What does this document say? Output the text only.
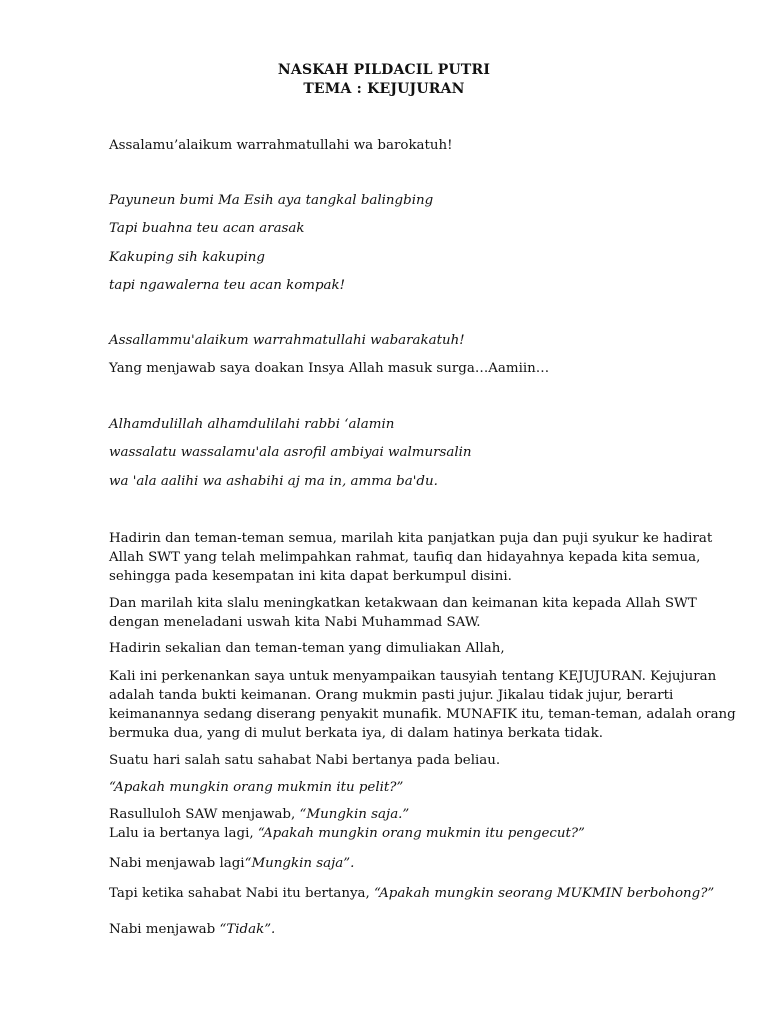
NASKAH PILDACIL PUTRI
TEMA : KEJUJURAN
Assalamu’alaikum warrahmatullahi wa barokatuh!
Payuneun bumi Ma Esih aya tangkal balingbing
Tapi buahna teu acan arasak
Kakuping sih kakuping
tapi ngawalerna teu acan kompak!
Assallammu'alaikum warrahmatullahi wabarakatuh!
Yang menjawab saya doakan Insya Allah masuk surga…Aamiin…
Alhamdulillah alhamdulilahi rabbi ‘alamin
wassalatu wassalamu'ala asrofil ambiyai walmursalin
wa 'ala aalihi wa ashabihi aj ma in, amma ba'du.
Hadirin dan teman-teman semua, marilah kita panjatkan puja dan puji syukur ke hadirat
Allah SWT yang telah melimpahkan rahmat, taufiq dan hidayahnya kepada kita semua,
sehingga pada kesempatan ini kita dapat berkumpul disini.
Dan marilah kita slalu meningkatkan ketakwaan dan keimanan kita kepada Allah SWT
dengan meneladani uswah kita Nabi Muhammad SAW.
Hadirin sekalian dan teman-teman yang dimuliakan Allah,
Kali ini perkenankan saya untuk menyampaikan tausyiah tentang KEJUJURAN. Kejujuran
adalah tanda bukti keimanan. Orang mukmin pasti jujur. Jikalau tidak jujur, berarti
keimanannya sedang diserang penyakit munafik. MUNAFIK itu, teman-teman, adalah orang
bermuka dua, yang di mulut berkata iya, di dalam hatinya berkata tidak.
Suatu hari salah satu sahabat Nabi bertanya pada beliau.
“Apakah mungkin orang mukmin itu pelit?”
Rasulluloh SAW menjawab, “Mungkin saja.”
Lalu ia bertanya lagi, “Apakah mungkin orang mukmin itu pengecut?”
Nabi menjawab lagi“Mungkin saja”.
Tapi ketika sahabat Nabi itu bertanya, “Apakah mungkin seorang MUKMIN berbohong?”
Nabi menjawab “Tidak”.
